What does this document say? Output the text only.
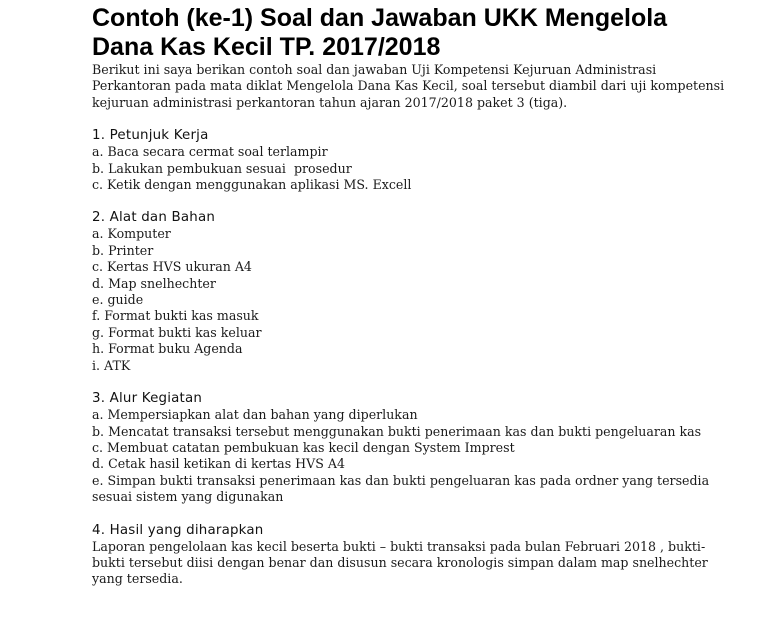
Contoh (ke-1) Soal dan Jawaban UKK Mengelola Dana Kas Kecil TP. 2017/2018

Berikut ini saya berikan contoh soal dan jawaban Uji Kompetensi Kejuruan Administrasi Perkantoran pada mata diklat Mengelola Dana Kas Kecil, soal tersebut diambil dari uji kompetensi kejuruan administrasi perkantoran tahun ajaran 2017/2018 paket 3 (tiga).

1. Petunjuk Kerja

a. Baca secara cermat soal terlampir

b. Lakukan pembukuan sesuai  prosedur

c. Ketik dengan menggunakan aplikasi MS. Excell

2. Alat dan Bahan

a. Komputer

b. Printer

c. Kertas HVS ukuran A4

d. Map snelhechter

e. guide

f. Format bukti kas masuk

g. Format bukti kas keluar

h. Format buku Agenda

i. ATK

3. Alur Kegiatan

a. Mempersiapkan alat dan bahan yang diperlukan

b. Mencatat transaksi tersebut menggunakan bukti penerimaan kas dan bukti pengeluaran kas

c. Membuat catatan pembukuan kas kecil dengan System Imprest

d. Cetak hasil ketikan di kertas HVS A4

e. Simpan bukti transaksi penerimaan kas dan bukti pengeluaran kas pada ordner yang tersedia sesuai sistem yang digunakan

4. Hasil yang diharapkan

Laporan pengelolaan kas kecil beserta bukti – bukti transaksi pada bulan Februari 2018 , bukti-bukti tersebut diisi dengan benar dan disusun secara kronologis simpan dalam map snelhechter yang tersedia.
